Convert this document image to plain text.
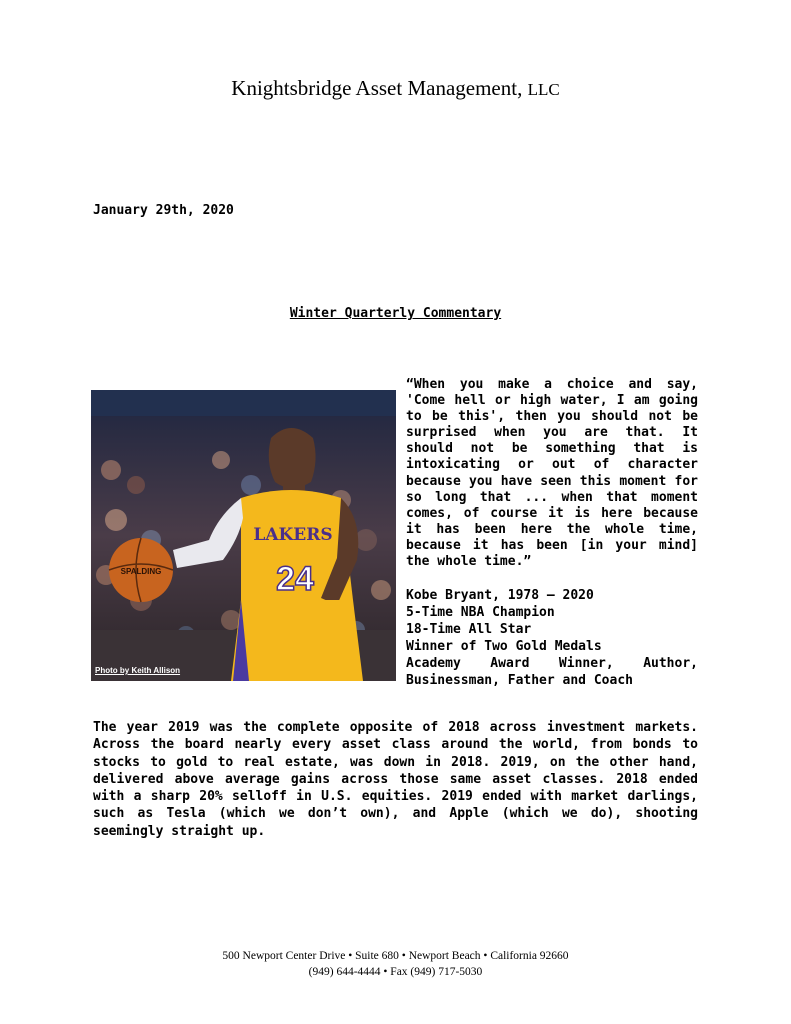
Knightsbridge Asset Management, LLC
January 29th, 2020
Winter Quarterly Commentary
LAKERS
24
SPALDING
Photo by Keith Allison
“When you make a choice and say, 'Come hell or high water, I am going to be this', then you should not be surprised when you are that. It should not be something that is intoxicating or out of character because you have seen this moment for so long that ... when that moment comes, of course it is here because it has been here the whole time, because it has been [in your mind] the whole time.”
Kobe Bryant, 1978 – 2020
5-Time NBA Champion
18-Time All Star
Winner of Two Gold Medals
Academy Award Winner, Author,
Businessman, Father and Coach
The year 2019 was the complete opposite of 2018 across investment markets. Across the board nearly every asset class around the world, from bonds to stocks to gold to real estate, was down in 2018. 2019, on the other hand, delivered above average gains across those same asset classes. 2018 ended with a sharp 20% selloff in U.S. equities. 2019 ended with market darlings, such as Tesla (which we don’t own), and Apple (which we do), shooting seemingly straight up.
500 Newport Center Drive • Suite 680 • Newport Beach • California 92660
(949) 644-4444 • Fax (949) 717-5030
